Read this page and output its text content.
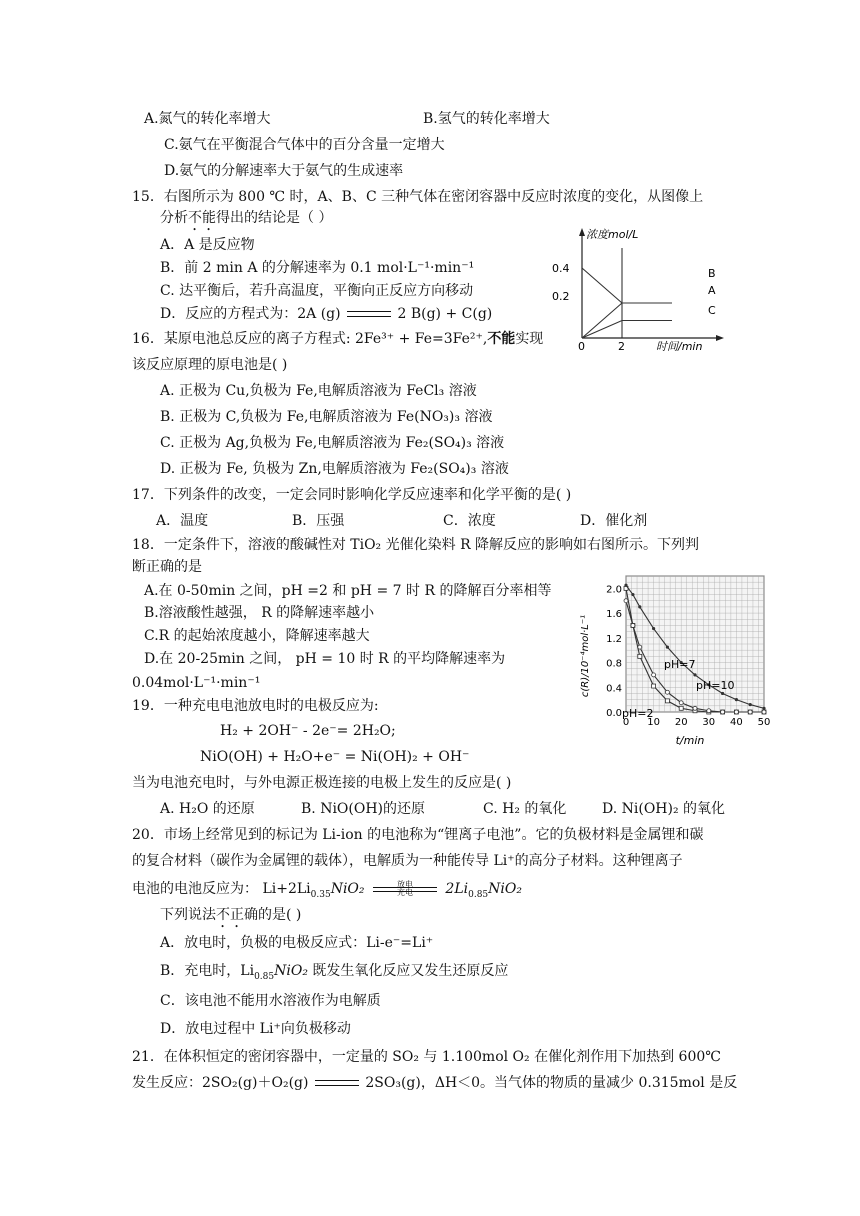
A.氮气的转化率增大	B.氢气的转化率增大
C.氨气在平衡混合气体中的百分含量一定增大
D.氨气的分解速率大于氨气的生成速率
15．右图所示为 800 ℃ 时，A、B、C 三种气体在密闭容器中反应时浓度的变化，从图像上
分析不能得出的结论是（ ）
A．A 是反应物
B．前 2 min A 的分解速率为 0.1 mol·L⁻¹·min⁻¹
C. 达平衡后，若升高温度，平衡向正反应方向移动
D．反应的方程式为：2A (g)	2 B(g) + C(g)
浓度mol/L
0.4
0.2
0	2	时间/min
B
A
C
16．某原电池总反应的离子方程式: 2Fe³⁺ + Fe=3Fe²⁺,不能实现
该反应原理的原电池是( )
A. 正极为 Cu,负极为 Fe,电解质溶液为 FeCl₃ 溶液
B. 正极为 C,负极为 Fe,电解质溶液为 Fe(NO₃)₃ 溶液
C. 正极为 Ag,负极为 Fe,电解质溶液为 Fe₂(SO₄)₃ 溶液
D. 正极为 Fe, 负极为 Zn,电解质溶液为 Fe₂(SO₄)₃ 溶液
17．下列条件的改变，一定会同时影响化学反应速率和化学平衡的是( )
A．温度	B．压强	C．浓度	D．催化剂
18．一定条件下，溶液的酸碱性对 TiO₂ 光催化染料 R 降解反应的影响如右图所示。下列判
断正确的是
A.在 0-50min 之间，pH =2 和 pH = 7 时 R 的降解百分率相等
B.溶液酸性越强， R 的降解速率越小
C.R 的起始浓度越小，降解速率越大
D.在 20-25min 之间， pH = 10 时 R 的平均降解速率为
0.04mol·L⁻¹·min⁻¹
0.0
0.4
0.8
1.2
1.6
2.0
0 10 20 30 40 50
c(R)/10⁻⁴mol·L⁻¹
t/min
pH=7
pH=10
pH=2
19．一种充电电池放电时的电极反应为:
H₂ + 2OH⁻ - 2e⁻= 2H₂O;
NiO(OH) + H₂O+e⁻ = Ni(OH)₂ + OH⁻
当为电池充电时，与外电源正极连接的电极上发生的反应是( )
A. H₂O 的还原	B. NiO(OH)的还原	C. H₂ 的氧化	D. Ni(OH)₂ 的氧化
20．市场上经常见到的标记为 Li-ion 的电池称为“锂离子电池”。它的负极材料是金属锂和碳
的复合材料（碳作为金属锂的载体），电解质为一种能传导 Li⁺的高分子材料。这种锂离子
电池的电池反应为： $Li+2Li_{0.35}NiO_2$	放电
充电	$2Li_{0.85}NiO_2$
下列说法不正确的是( )
A．放电时，负极的电极反应式：Li-e⁻=Li⁺
B．充电时，$Li_{0.85}NiO_2$ 既发生氧化反应又发生还原反应
C．该电池不能用水溶液作为电解质
D．放电过程中 Li⁺向负极移动
21．在体积恒定的密闭容器中，一定量的 SO₂ 与 1.100mol O₂ 在催化剂作用下加热到 600℃
发生反应：2SO₂(g)＋O₂(g)	2SO₃(g)，ΔH＜0。当气体的物质的量减少 0.315mol 是反
